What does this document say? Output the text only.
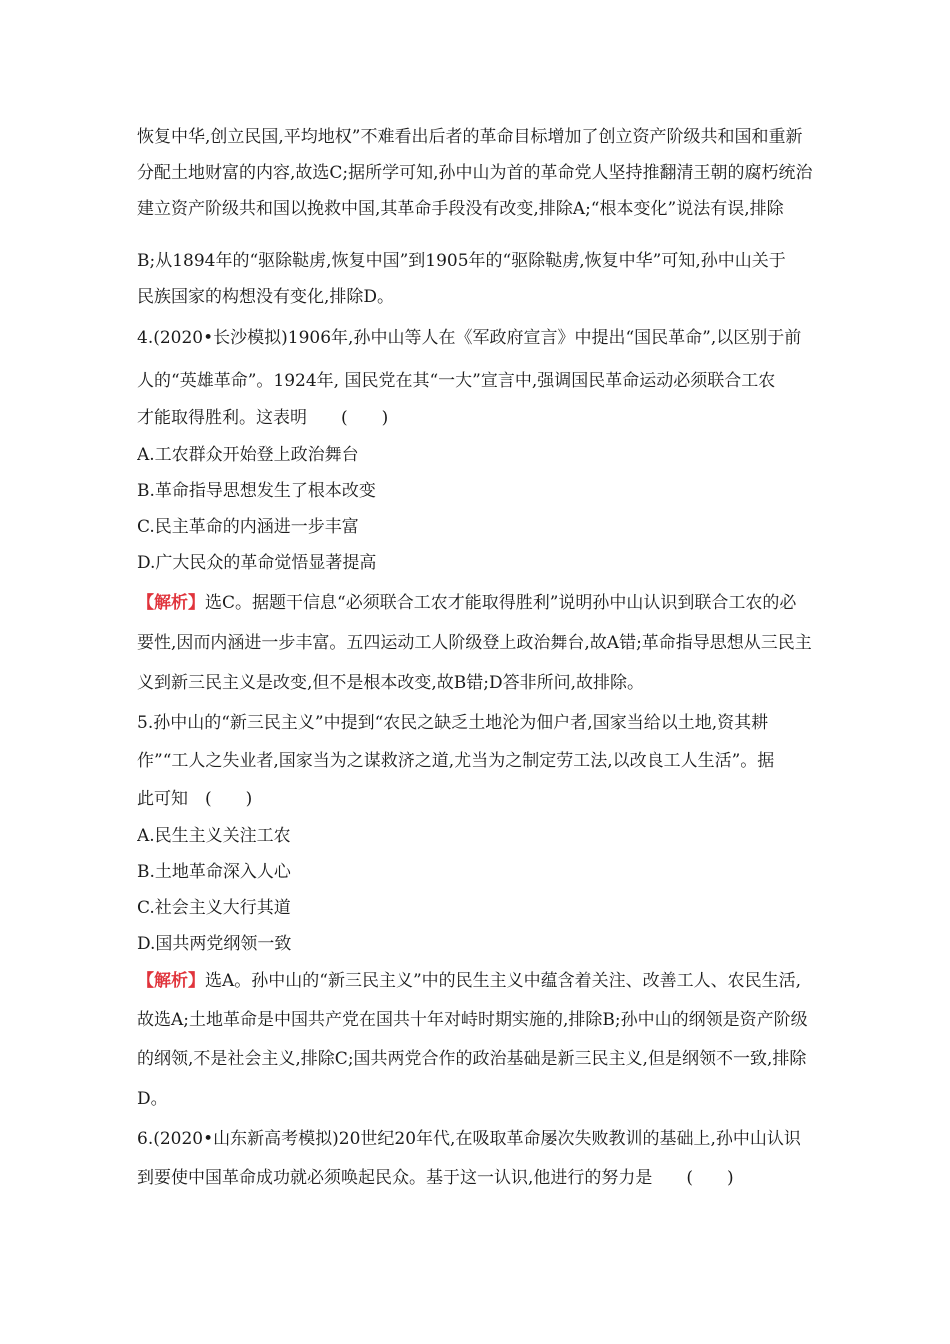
恢复中华,创立民国,平均地权”不难看出后者的革命目标增加了创立资产阶级共和国和重新
分配土地财富的内容,故选C;据所学可知,孙中山为首的革命党人坚持推翻清王朝的腐朽统治
建立资产阶级共和国以挽救中国,其革命手段没有改变,排除A;“根本变化”说法有误,排除
B;从1894年的“驱除鞑虏,恢复中国”到1905年的“驱除鞑虏,恢复中华”可知,孙中山关于
民族国家的构想没有变化,排除D。
4.(2020•长沙模拟)1906年,孙中山等人在《军政府宣言》中提出“国民革命”,以区别于前
人的“英雄革命”。1924年, 国民党在其“一大”宣言中,强调国民革命运动必须联合工农
才能取得胜利。这表明　　(　　)
A.工农群众开始登上政治舞台
B.革命指导思想发生了根本改变
C.民主革命的内涵进一步丰富
D.广大民众的革命觉悟显著提高
【解析】选C。据题干信息“必须联合工农才能取得胜利”说明孙中山认识到联合工农的必
要性,因而内涵进一步丰富。五四运动工人阶级登上政治舞台,故A错;革命指导思想从三民主
义到新三民主义是改变,但不是根本改变,故B错;D答非所问,故排除。
5.孙中山的“新三民主义”中提到“农民之缺乏土地沦为佃户者,国家当给以土地,资其耕
作”“工人之失业者,国家当为之谋救济之道,尤当为之制定劳工法,以改良工人生活”。据
此可知　(　　)
A.民生主义关注工农
B.土地革命深入人心
C.社会主义大行其道
D.国共两党纲领一致
【解析】选A。孙中山的“新三民主义”中的民生主义中蕴含着关注、改善工人、农民生活,
故选A;土地革命是中国共产党在国共十年对峙时期实施的,排除B;孙中山的纲领是资产阶级
的纲领,不是社会主义,排除C;国共两党合作的政治基础是新三民主义,但是纲领不一致,排除
D。
6.(2020•山东新高考模拟)20世纪20年代,在吸取革命屡次失败教训的基础上,孙中山认识
到要使中国革命成功就必须唤起民众。基于这一认识,他进行的努力是　　(　　)
